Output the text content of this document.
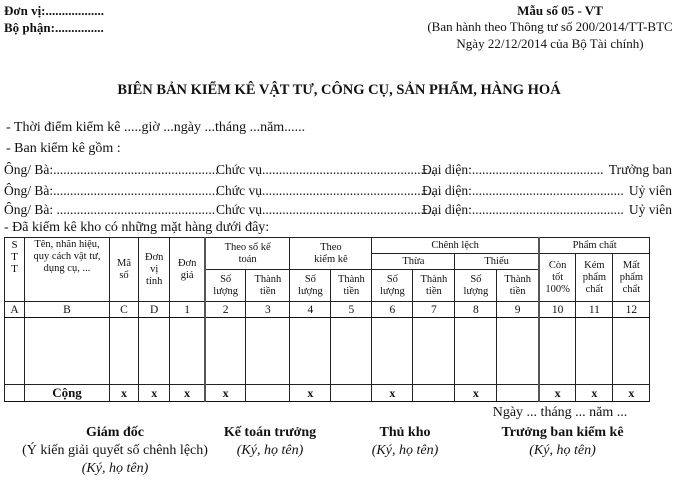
Đơn vị:..................
Bộ phận:...............
Mẫu số 05 - VT
(Ban hành theo Thông tư số 200/2014/TT-BTC
Ngày 22/12/2014 của Bộ Tài chính)
BIÊN BẢN KIỂM KÊ VẬT TƯ, CÔNG CỤ, SẢN PHẨM, HÀNG HOÁ
- Thời điểm kiểm kê .....giờ ...ngày ...tháng ...năm......
- Ban kiểm kê gồm :
Ông/ Bà:.................................................
Chức vụ...................................................
Đại diện:....................................... Trưởng ban
Ông/ Bà:.................................................
Chức vụ...................................................
Đại diện:............................................. Uỷ viên
Ông/ Bà: ............................................... Chức vụ...................................................
Đại diện:............................................. Uỷ viên
- Đã kiểm kê kho có những mặt hàng dưới đây:
S
T
T	Tên, nhãn hiệu, quy cách vật tư, dụng cụ, ...	Mã số	Đơn vị tính	Đơn giá	Theo sổ kế toán		Theo kiểm kê		Chênh lệch				Phẩm chất		
									Thừa		Thiếu		Còn tốt 100%	Kém phẩm chất	Mất phẩm chất
					Số lượng	Thành tiền	Số lượng	Thành tiền	Số lượng	Thành tiền	Số lượng	Thành tiền			
A	B	C	D	1	2	3	4	5	6	7	8	9	10	11	12

	Cộng	x	x	x	x		x		x		x		x	x	x
Ngày ... tháng ... năm ...
Giám đốc
(Ý kiến giải quyết số chênh lệch)
(Ký, họ tên)
Kế toán trưởng
(Ký, họ tên)
Thủ kho
(Ký, họ tên)
Trưởng ban kiểm kê
(Ký, họ tên)
